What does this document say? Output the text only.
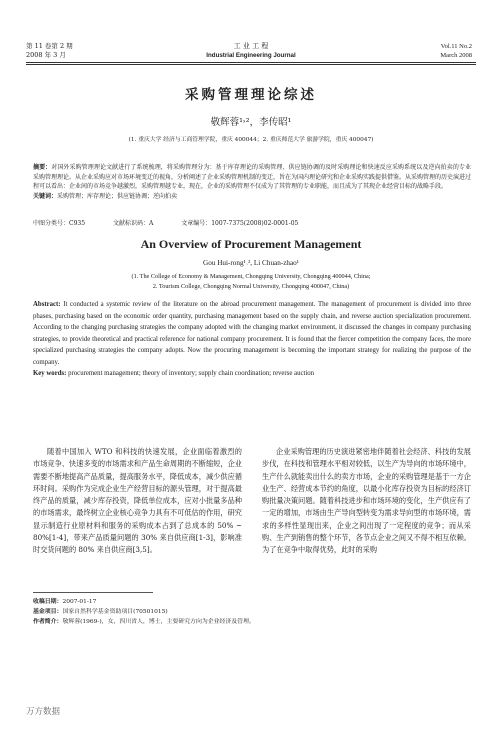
第 11 卷第 2 期
2008 年 3 月
工 业 工 程
Industrial Engineering Journal
Vol.11 No.2
March 2008
采购管理理论综述
敬辉蓉¹˒²，李传昭¹
(1. 重庆大学 经济与工商管理学院，重庆 400044；2. 重庆师范大学 旅游学院，重庆 400047)
摘要：对国外采购管理理论文献进行了系统梳理，将采购管理分为：基于库存理论的采购管理、供应链协调的及时采购理论和快速反应采购系统以及逆向拍卖的专业采购管理理论。从企业采购应对市场环境变迁的视角，分析阐述了企业采购管理机制的变迁，旨在为国内理论研究和企业采购实践提供借鉴。从采购管理的历史演进过程可以看出：企业间的市场竞争越激烈，采购管理越专业。现在，企业的采购管理不仅成为了其管理的专业职能，而且成为了其现企业经营目标的战略手段。
关键词：采购管理；库存理论；供应链协调；逆向拍卖
中图分类号：C935	文献标识码：A	文章编号：1007-7375(2008)02-0001-05
An Overview of Procurement Management
Gou Hui-rong¹˒², Li Chuan-zhao¹
(1. The College of Economy & Management, Chongqing University, Chongqing 400044, China;
2. Tourism College, Chongqing Normal University, Chongqing 400047, China)
Abstract: It conducted a systemic review of the literature on the abroad procurement management. The management of procurement is divided into three phases, purchasing based on the economic order quantity, purchasing management based on the supply chain, and reverse auction specialization procurement. According to the changing purchasing strategies the company adopted with the changing market environment, it discussed the changes in company purchasing strategies, to provide theoretical and practical reference for national company procurement. It is found that the fiercer competition the company faces, the more specialized purchasing strategies the company adopts. Now the procuring management is becoming the important strategy for realizing the purpose of the company.
Key words: procurement management; theory of inventory; supply chain coordination; reverse auction
随着中国加入 WTO 和科技的快速发展，企业面临着激烈的市场竞争、快速多变的市场需求和产品生命周期的不断缩短，企业需要不断地提高产品质量，提高服务水平，降低成本，减少供应循环时间。采购作为完成企业生产经营目标的源头管理，对于提高最终产品的质量，减少库存投资，降低单位成本，应对小批量多品种的市场需求，最终树立企业核心竞争力具有不可低估的作用，研究显示制造行业原材料和服务的采购成本占到了总成本的 50% ~ 80%[1-4]，带来产品质量问题的 30% 来自供应商[1-3]，影响准时交货问题的 80% 来自供应商[3,5]。
企业采购管理的历史演进紧密地伴随着社会经济、科技的发展步伐，在科技和管理水平相对较低，以生产为导向的市场环境中，生产什么就能卖出什么的卖方市场，企业的采购管理是基于一方企业生产、经营成本节约的角度，以最小化库存投资为目标的经济订购批量决策问题。随着科技进步和市场环境的变化，生产供应有了一定的增加，市场由生产导向型转变为需求导向型的市场环境，需求的多样性显现出来，企业之间出现了一定程度的竞争；而从采购、生产到销售的整个环节，各节点企业之间又不得不相互依赖。为了在竞争中取得优势，此时的采购
收稿日期：2007-01-17
基金项目：国家自然科学基金资助项目(70501015)
作者简介：敬辉蓉(1969-)，女，四川省人，博士，主要研究方向为企业经济及管理。
万方数据
